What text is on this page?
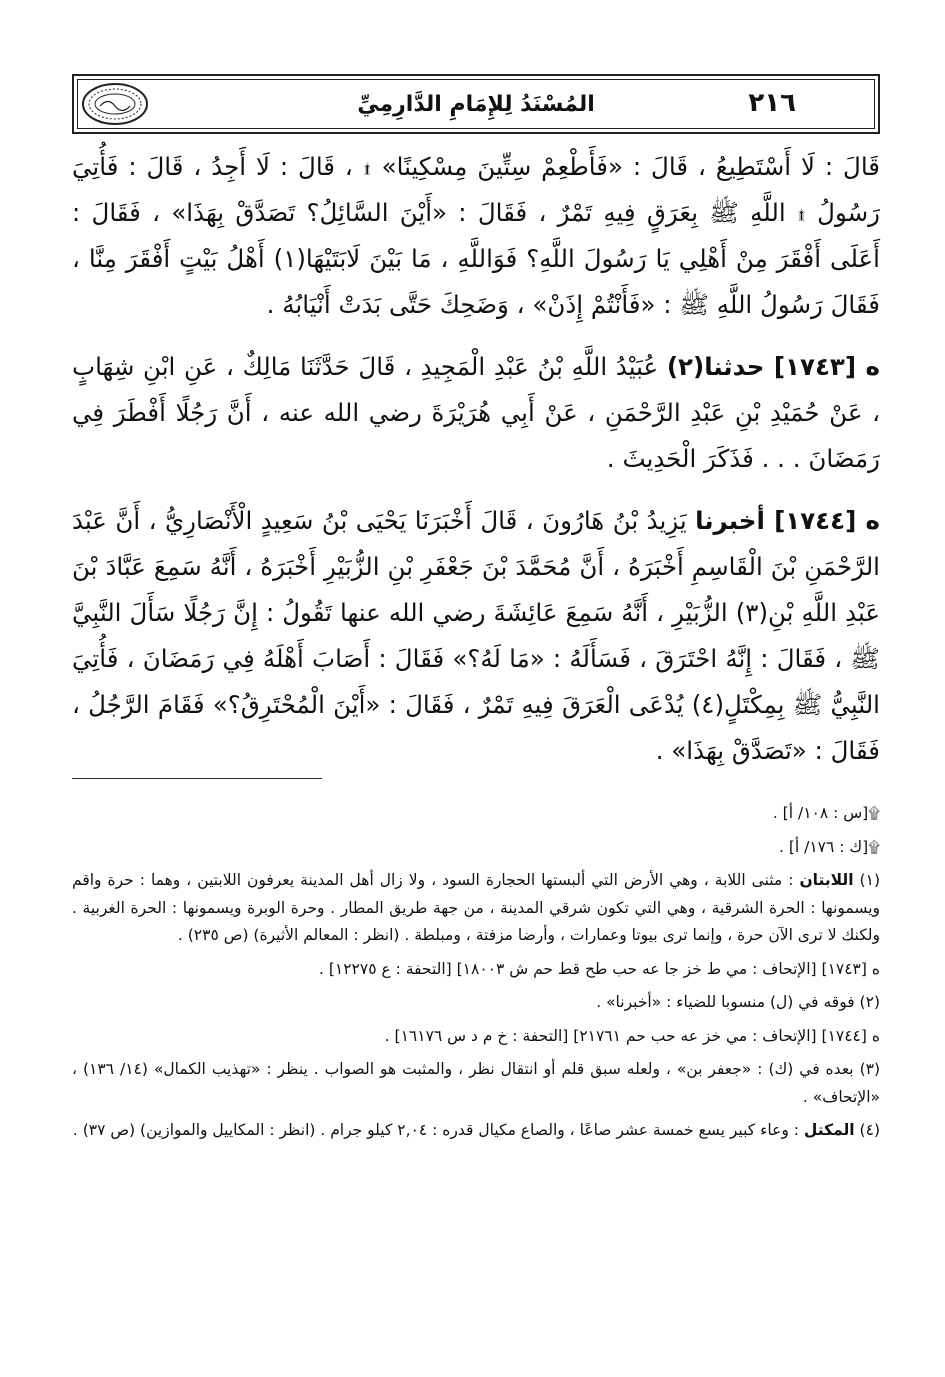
المُسْنَدُ لِلإِمَامِ الدَّارِمِيِّ	٢١٦

قَالَ : لَا أَسْتَطِيعُ ، قَالَ : «فَأَطْعِمْ سِتِّينَ مِسْكِينًا» ۩ ، قَالَ : لَا أَجِدُ ، قَالَ : فَأُتِيَ رَسُولُ ۩ اللَّهِ ﷺ بِعَرَقٍ فِيهِ تَمْرٌ ، فَقَالَ : «أَيْنَ السَّائِلُ؟ تَصَدَّقْ بِهَذَا» ، فَقَالَ : أَعَلَى أَفْقَرَ مِنْ أَهْلِي يَا رَسُولَ اللَّهِ؟ فَوَاللَّهِ ، مَا بَيْنَ لَابَتَيْهَا(١) أَهْلُ بَيْتٍ أَفْقَرَ مِنَّا ، فَقَالَ رَسُولُ اللَّهِ ﷺ : «فَأَنْتُمْ إِذَنْ» ، وَضَحِكَ حَتَّى بَدَتْ أَنْيَابُهُ .

ه [١٧٤٣] حدثنا(٢) عُبَيْدُ اللَّهِ بْنُ عَبْدِ الْمَجِيدِ ، قَالَ حَدَّثَنَا مَالِكٌ ، عَنِ ابْنِ شِهَابٍ ، عَنْ حُمَيْدِ بْنِ عَبْدِ الرَّحْمَنِ ، عَنْ أَبِي هُرَيْرَةَ رضي الله عنه ، أَنَّ رَجُلًا أَفْطَرَ فِي رَمَضَانَ . . . فَذَكَرَ الْحَدِيثَ .

ه [١٧٤٤] أخبرنا يَزِيدُ بْنُ هَارُونَ ، قَالَ أَخْبَرَنَا يَحْيَى بْنُ سَعِيدٍ الْأَنْصَارِيُّ ، أَنَّ عَبْدَ الرَّحْمَنِ بْنَ الْقَاسِمِ أَخْبَرَهُ ، أَنَّ مُحَمَّدَ بْنَ جَعْفَرِ بْنِ الزُّبَيْرِ أَخْبَرَهُ ، أَنَّهُ سَمِعَ عَبَّادَ بْنَ عَبْدِ اللَّهِ بْنِ(٣) الزُّبَيْرِ ، أَنَّهُ سَمِعَ عَائِشَةَ رضي الله عنها تَقُولُ : إِنَّ رَجُلًا سَأَلَ النَّبِيَّ ﷺ ، فَقَالَ : إِنَّهُ احْتَرَقَ ، فَسَأَلَهُ : «مَا لَهُ؟» فَقَالَ : أَصَابَ أَهْلَهُ فِي رَمَضَانَ ، فَأُتِيَ النَّبِيُّ ﷺ بِمِكْتَلٍ(٤) يُدْعَى الْعَرَقَ فِيهِ تَمْرٌ ، فَقَالَ : «أَيْنَ الْمُحْتَرِقُ؟» فَقَامَ الرَّجُلُ ، فَقَالَ : «تَصَدَّقْ بِهَذَا» .

۩[س : ١٠٨/ أ] .

۩[ك : ١٧٦/ أ] .

(١) اللابتان : مثنى اللابة ، وهي الأرض التي ألبستها الحجارة السود ، ولا زال أهل المدينة يعرفون اللابتين ، وهما : حرة واقم ويسمونها : الحرة الشرقية ، وهي التي تكون شرقي المدينة ، من جهة طريق المطار . وحرة الوبرة ويسمونها : الحرة الغربية . ولكنك لا ترى الآن حرة ، وإنما ترى بيوتا وعمارات ، وأرضا مزفتة ، ومبلطة . (انظر : المعالم الأثيرة) (ص ٢٣٥) .

ه [١٧٤٣] [الإتحاف : مي ط خز جا عه حب طح قط حم ش ١٨٠٠٣] [التحفة : ع ١٢٢٧٥] .

(٢) فوقه في (ل) منسوبا للضياء : «أخبرنا» .

ه [١٧٤٤] [الإتحاف : مي خز عه حب حم ٢١٧٦١] [التحفة : خ م د س ١٦١٧٦] .

(٣) بعده في (ك) : «جعفر بن» ، ولعله سبق قلم أو انتقال نظر ، والمثبت هو الصواب . ينظر : «تهذيب الكمال» (١٤/ ١٣٦) ، «الإتحاف» .

(٤) المكتل : وعاء كبير يسع خمسة عشر صاعًا ، والصاع مكيال قدره : ٢,٠٤ كيلو جرام . (انظر : المكاييل والموازين) (ص ٣٧) .
